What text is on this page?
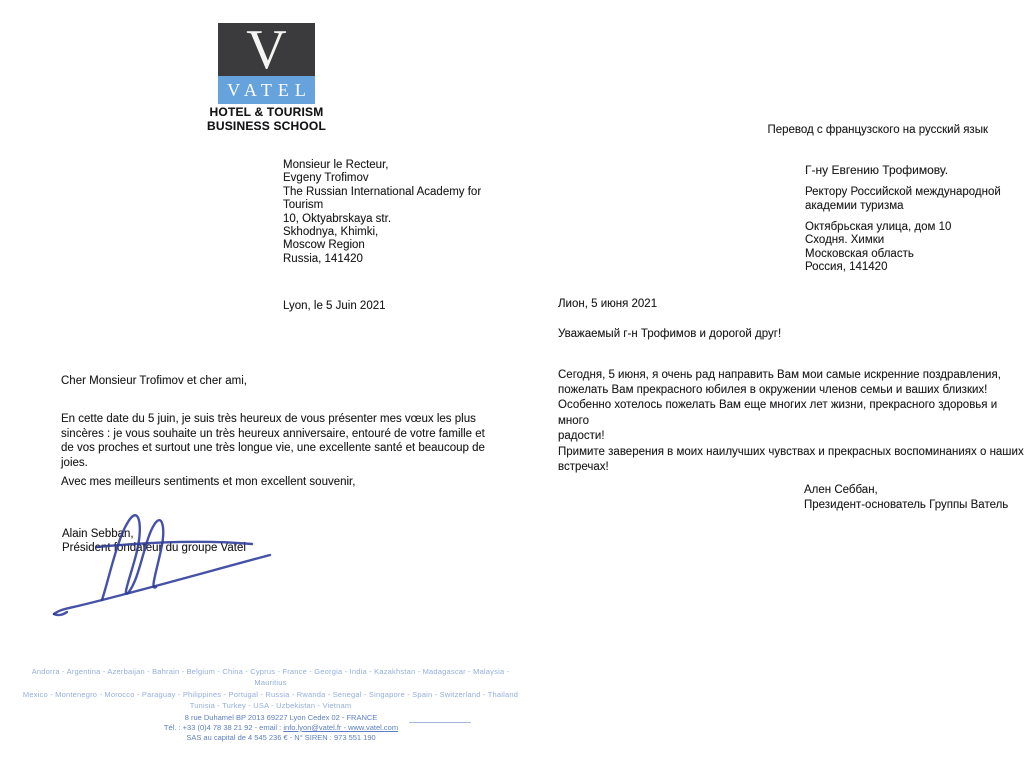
V
VATEL
HOTEL & TOURISM
BUSINESS SCHOOL
Monsieur le Recteur,
Evgeny Trofimov
The Russian International Academy for
Tourism
10, Oktyabrskaya str.
Skhodnya, Khimki,
Moscow Region
Russia, 141420
Lyon, le 5 Juin 2021
Cher Monsieur Trofimov et cher ami,
En cette date du 5 juin, je suis très heureux de vous présenter mes vœux les plus
sincères : je vous souhaite un très heureux anniversaire, entouré de votre famille et
de vos proches et surtout une très longue vie, une excellente santé et beaucoup de
joies.
Avec mes meilleurs sentiments et mon excellent souvenir,
Alain Sebban,
Président fondateur du groupe Vatel
Перевод с французского на русский язык
Г-ну Евгению Трофимову.
Ректору Российской международной
академии туризма
Октябрьская улица, дом 10
Сходня. Химки
Московская область
Россия, 141420
Лион, 5 июня 2021
Уважаемый г-н Трофимов и дорогой друг!
Сегодня, 5 июня, я очень рад направить Вам мои самые искренние поздравления,
пожелать Вам прекрасного юбилея в окружении членов семьи и ваших близких!
Особенно хотелось пожелать Вам еще многих лет жизни, прекрасного здоровья и много
радости!
Примите заверения в моих наилучших чувствах и прекрасных воспоминаниях о наших
встречах!
Ален Себбан,
Президент-основатель Группы Ватель
Andorra - Argentina - Azerbaijan - Bahrain - Belgium - China - Cyprus - France - Georgia - India - Kazakhstan - Madagascar - Malaysia - Mauritius
Mexico - Montenegro - Morocco - Paraguay - Philippines - Portugal - Russia - Rwanda - Senegal - Singapore - Spain - Switzerland - Thailand
Tunisia - Turkey - USA - Uzbekistan - Vietnam
8 rue Duhamel BP 2013 69227 Lyon Cedex 02 - FRANCE
Tél. : +33 (0)4 78 38 21 92 - email : info.lyon@vatel.fr - www.vatel.com
SAS au capital de 4 545 236 € - N° SIREN : 973 551 190
